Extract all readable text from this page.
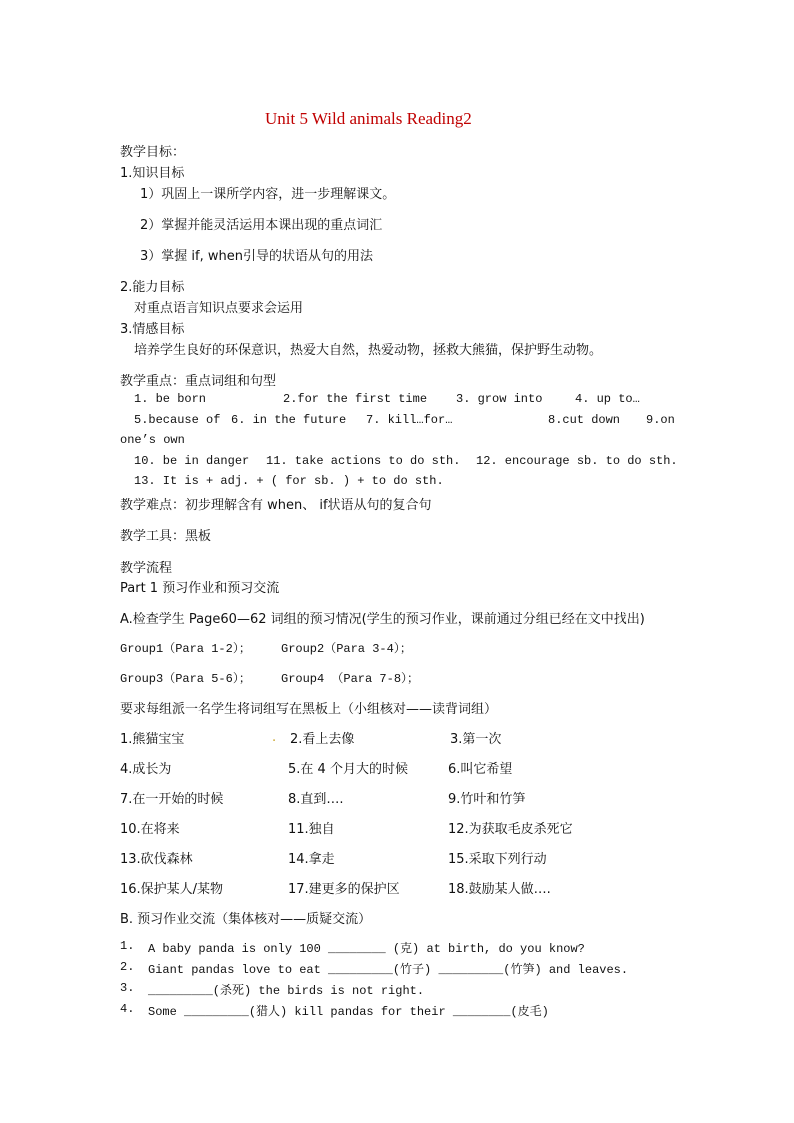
Unit 5 Wild animals Reading2
教学目标：
1.知识目标
1）巩固上一课所学内容，进一步理解课文。
2）掌握并能灵活运用本课出现的重点词汇
3）掌握 if, when引导的状语从句的用法
2.能力目标
对重点语言知识点要求会运用
3.情感目标
培养学生良好的环保意识，热爱大自然，热爱动物，拯救大熊猫，保护野生动物。
教学重点：重点词组和句型
1. be born	2.for the first time 3. grow into	4. up to…
5.because of 6. in the future 7. kill…for…	8.cut down 9.on
one’s own
10. be in danger 11. take actions to do sth. 12. encourage sb. to do sth.
13. It is + adj. + ( for sb. ) + to do sth.
教学难点：初步理解含有 when、 if状语从句的复合句
教学工具：黑板
教学流程
Part 1 预习作业和预习交流
A.检查学生 Page60—62 词组的预习情况(学生的预习作业，课前通过分组已经在文中找出)
Group1（Para 1-2）；	Group2（Para 3-4）；
Group3（Para 5-6）；	Group4 （Para 7-8）；
要求每组派一名学生将词组写在黑板上（小组核对——读背词组）
1.熊猫宝宝	. 2.看上去像	3.第一次
4.成长为	5.在 4 个月大的时候	6.叫它希望
7.在一开始的时候	8.直到….	9.竹叶和竹笋
10.在将来	11.独自	12.为获取毛皮杀死它
13.砍伐森林	14.拿走	15.采取下列行动
16.保护某人/某物	17.建更多的保护区	18.鼓励某人做….
B. 预习作业交流（集体核对——质疑交流）
1. A baby panda is only 100 ________ (克) at birth, do you know?
2. Giant pandas love to eat _________(竹子) _________(竹笋) and leaves.
3. _________(杀死) the birds is not right.
4. Some _________(猎人) kill pandas for their ________(皮毛)
